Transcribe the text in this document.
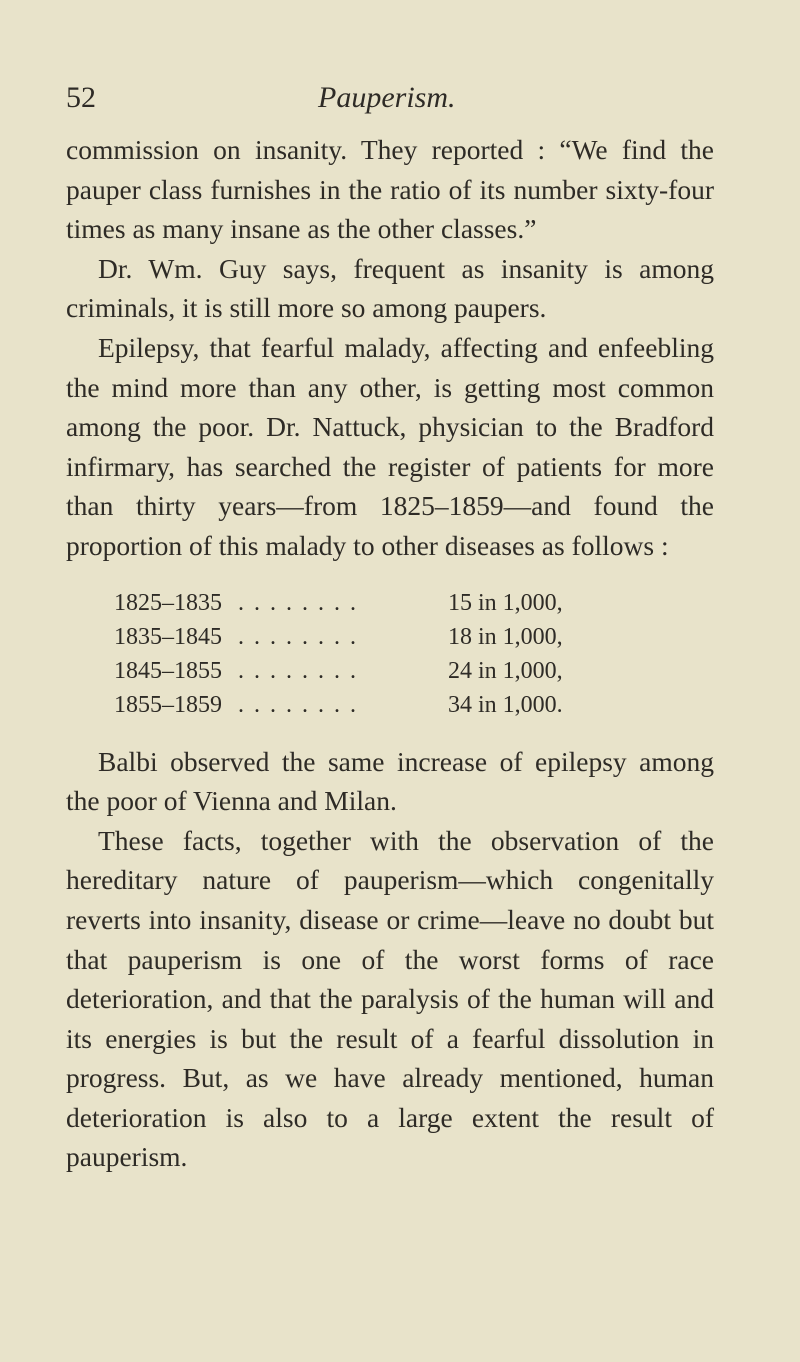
52	Pauperism.

commission on insanity. They reported : “We find the pauper class furnishes in the ratio of its number sixty-four times as many insane as the other classes.”

Dr. Wm. Guy says, frequent as insanity is among criminals, it is still more so among paupers.

Epilepsy, that fearful malady, affecting and enfeebling the mind more than any other, is getting most common among the poor. Dr. Nattuck, physician to the Bradford infirmary, has searched the register of patients for more than thirty years—from 1825–1859—and found the proportion of this malady to other diseases as follows :

1825–1835 . . . . . . . .	15 in 1,000,
1835–1845 . . . . . . . .	18 in 1,000,
1845–1855 . . . . . . . .	24 in 1,000,
1855–1859 . . . . . . . .	34 in 1,000.

Balbi observed the same increase of epilepsy among the poor of Vienna and Milan.

These facts, together with the observation of the hereditary nature of pauperism—which congenitally reverts into insanity, disease or crime—leave no doubt but that pauperism is one of the worst forms of race deterioration, and that the paralysis of the human will and its energies is but the result of a fearful dissolution in progress. But, as we have already mentioned, human deterioration is also to a large extent the result of pauperism.
